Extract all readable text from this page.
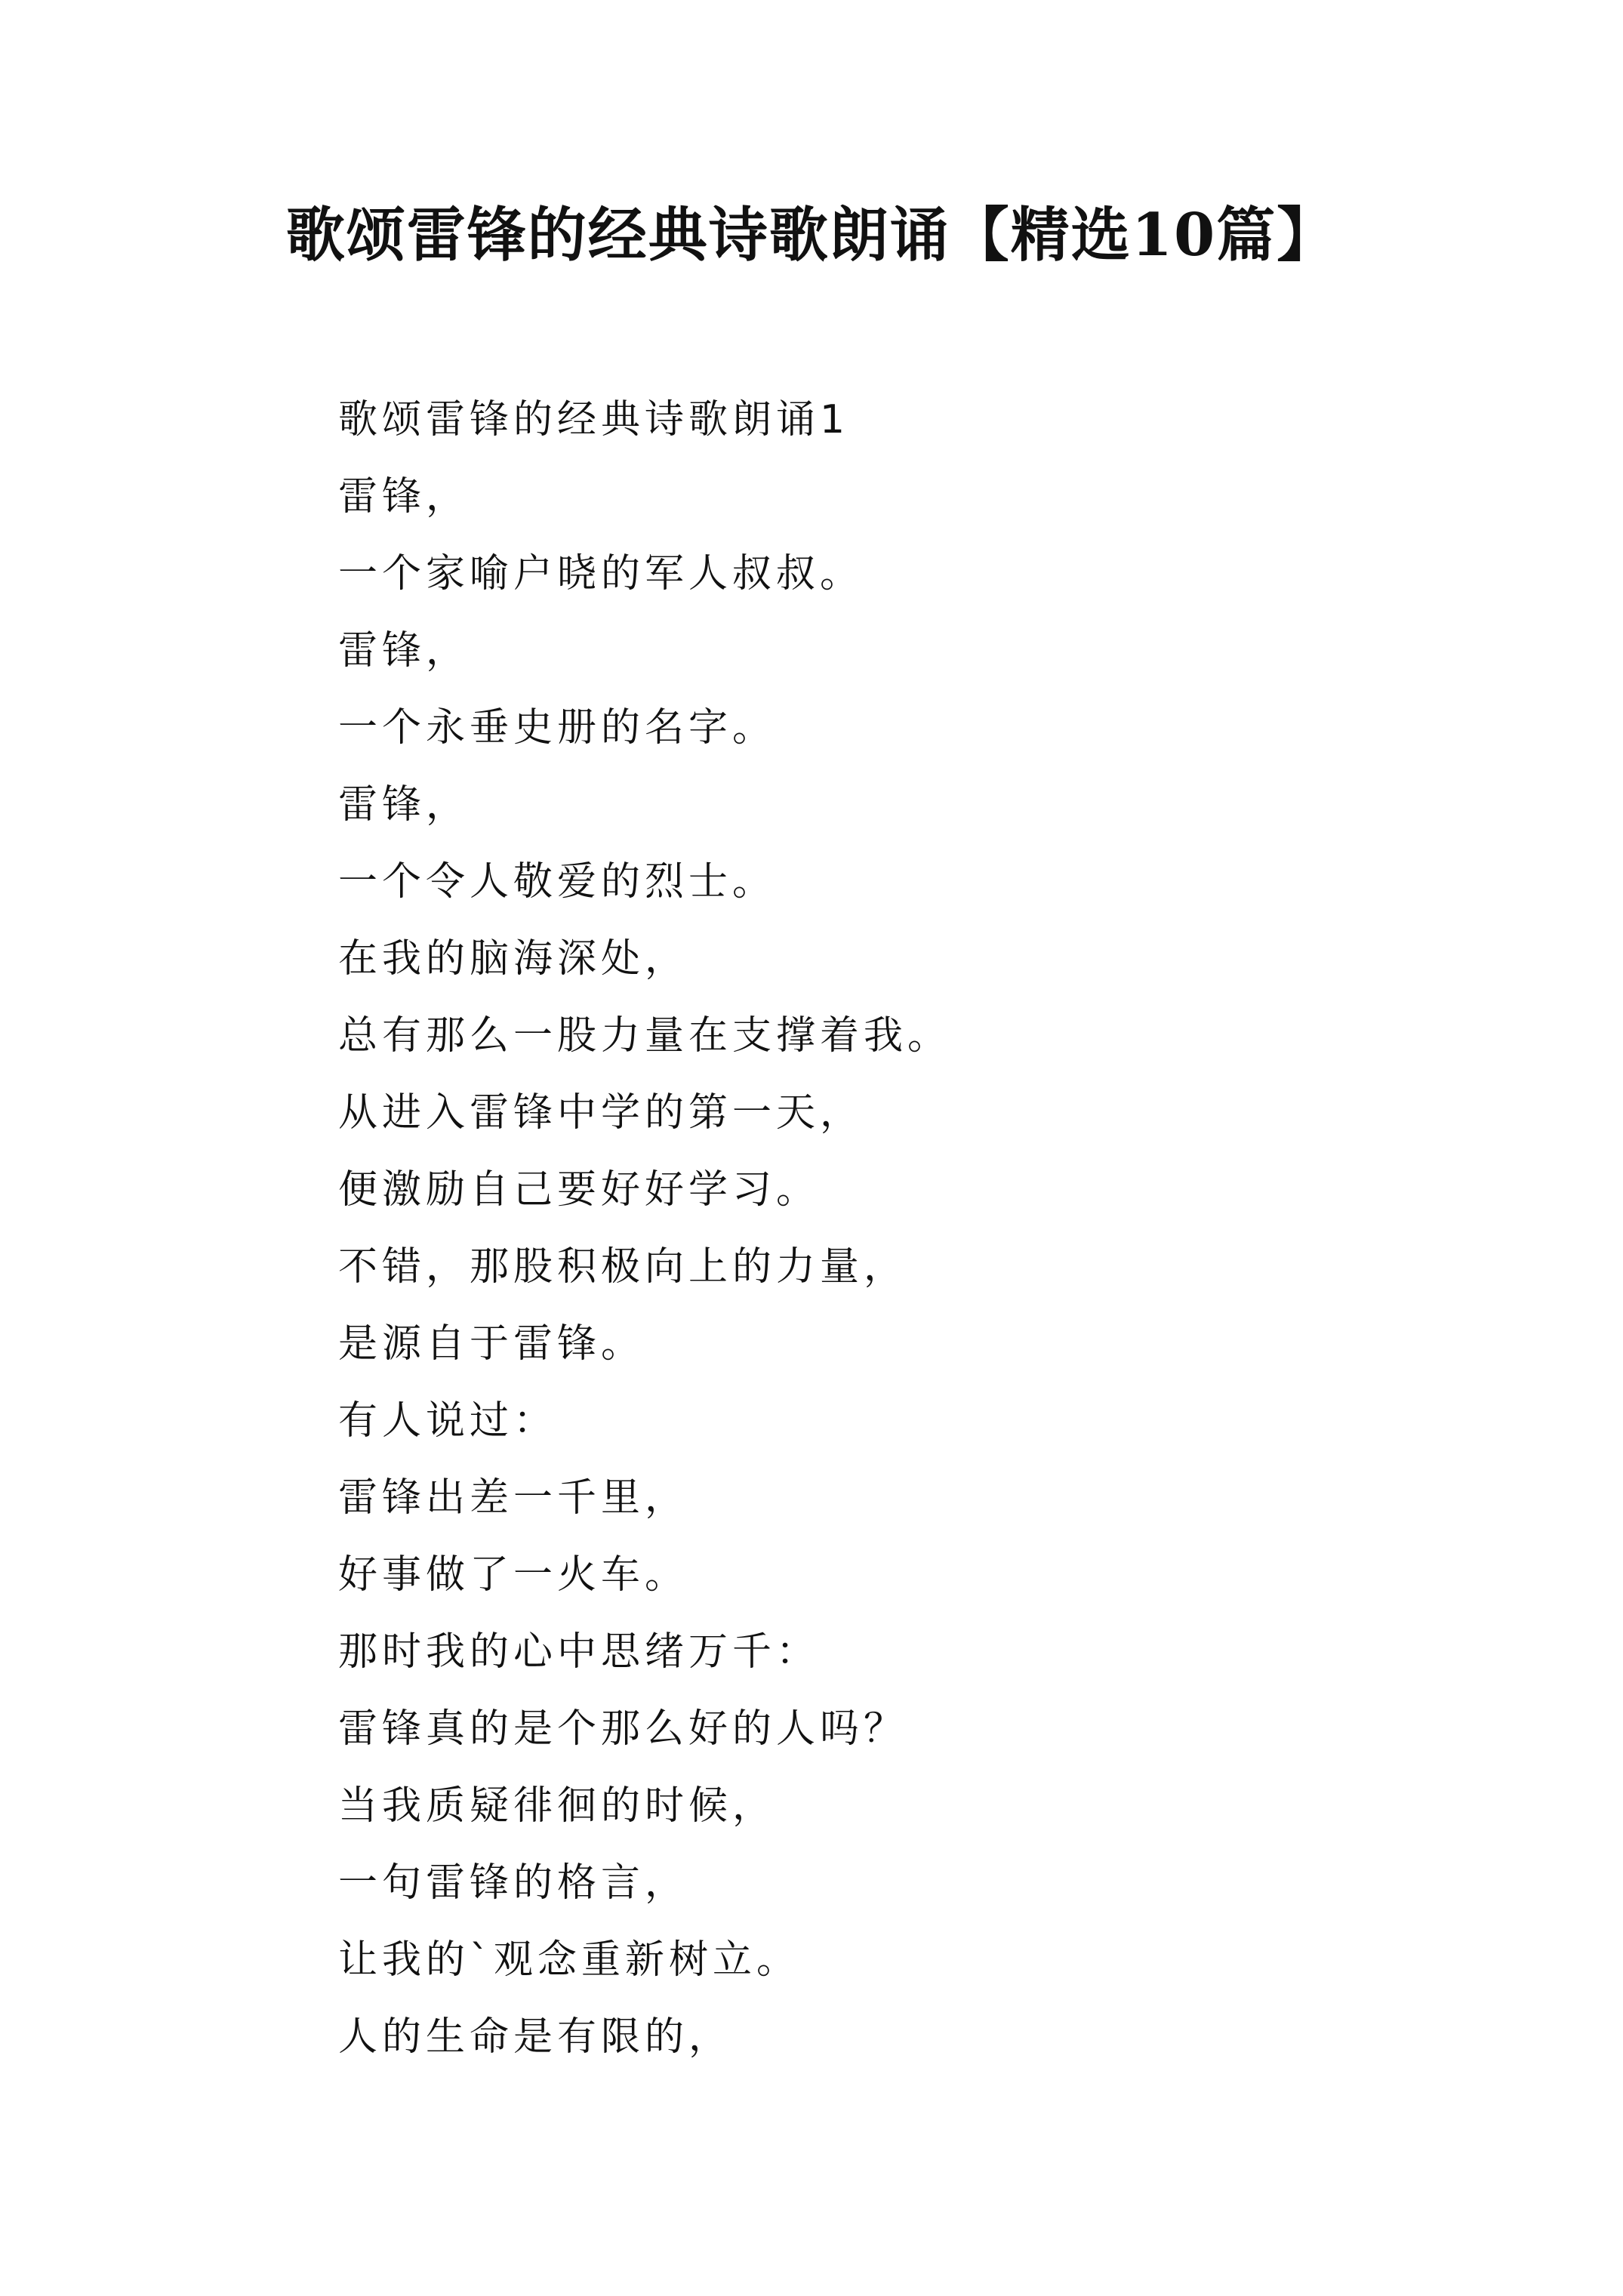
歌颂雷锋的经典诗歌朗诵【精选10篇】
歌颂雷锋的经典诗歌朗诵1
雷锋，
一个家喻户晓的军人叔叔。
雷锋，
一个永垂史册的名字。
雷锋，
一个令人敬爱的烈士。
在我的脑海深处，
总有那么一股力量在支撑着我。
从进入雷锋中学的第一天，
便激励自己要好好学习。
不错，那股积极向上的力量，
是源自于雷锋。
有人说过：
雷锋出差一千里，
好事做了一火车。
那时我的心中思绪万千：
雷锋真的是个那么好的人吗？
当我质疑徘徊的时候，
一句雷锋的格言，
让我的`观念重新树立。
人的生命是有限的，
